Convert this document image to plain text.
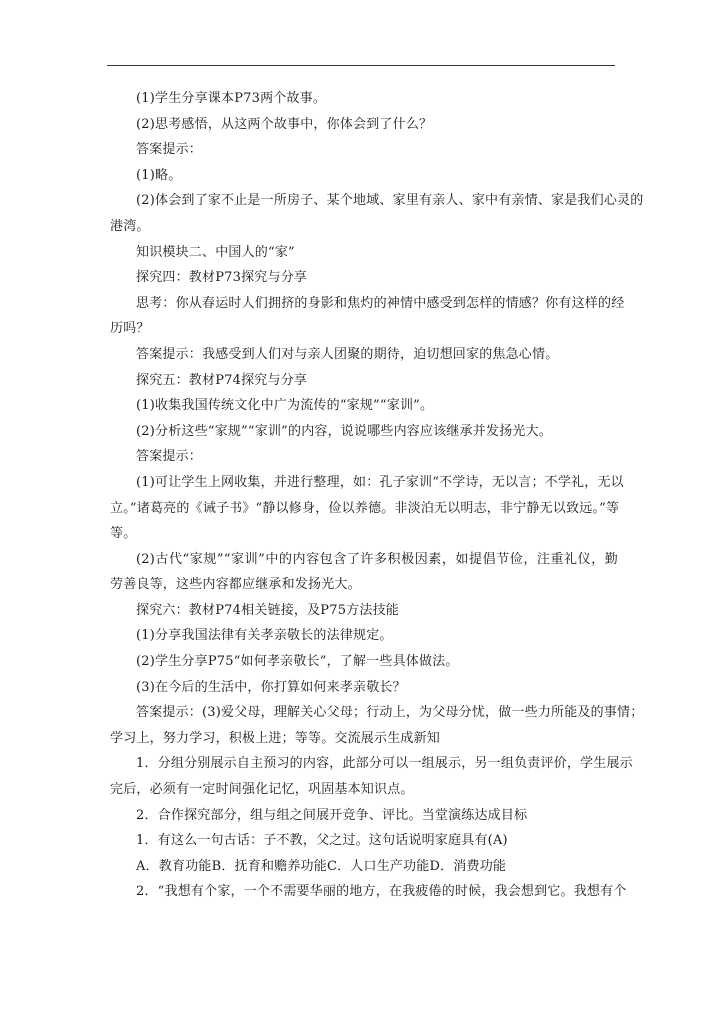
(1)学生分享课本P73两个故事。
(2)思考感悟，从这两个故事中，你体会到了什么？
答案提示：
(1)略。
(2)体会到了家不止是一所房子、某个地域、家里有亲人、家中有亲情、家是我们心灵的
港湾。
知识模块二、中国人的“家”
探究四：教材P73探究与分享
思考：你从春运时人们拥挤的身影和焦灼的神情中感受到怎样的情感？你有这样的经
历吗？
答案提示：我感受到人们对与亲人团聚的期待，迫切想回家的焦急心情。
探究五：教材P74探究与分享
(1)收集我国传统文化中广为流传的“家规”“家训”。
(2)分析这些“家规”“家训”的内容，说说哪些内容应该继承并发扬光大。
答案提示：
(1)可让学生上网收集，并进行整理，如：孔子家训“不学诗，无以言；不学礼，无以
立。”诸葛亮的《诫子书》“静以修身，俭以养德。非淡泊无以明志，非宁静无以致远。”等
等。
(2)古代“家规”“家训”中的内容包含了许多积极因素，如提倡节俭，注重礼仪，勤
劳善良等，这些内容都应继承和发扬光大。
探究六：教材P74相关链接，及P75方法技能
(1)分享我国法律有关孝亲敬长的法律规定。
(2)学生分享P75“如何孝亲敬长”，了解一些具体做法。
(3)在今后的生活中，你打算如何来孝亲敬长？
答案提示：(3)爱父母，理解关心父母；行动上，为父母分忧，做一些力所能及的事情；
学习上，努力学习，积极上进；等等。交流展示生成新知
1．分组分别展示自主预习的内容，此部分可以一组展示，另一组负责评价，学生展示
完后，必须有一定时间强化记忆，巩固基本知识点。
2．合作探究部分，组与组之间展开竞争、评比。当堂演练达成目标
1．有这么一句古话：子不教，父之过。这句话说明家庭具有(A)
A．教育功能B．抚育和赡养功能C．人口生产功能D．消费功能
2．“我想有个家，一个不需要华丽的地方，在我疲倦的时候，我会想到它。我想有个
